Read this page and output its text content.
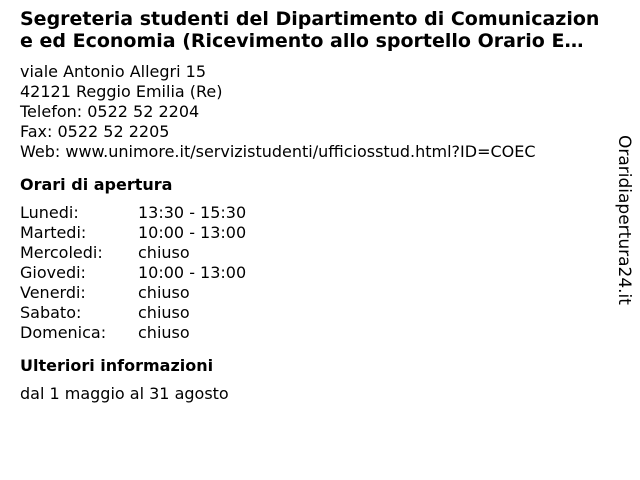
Segreteria studenti del Dipartimento di Comunicazione ed Economia (Ricevimento allo sportello Orario E…
viale Antonio Allegri 15
42121 Reggio Emilia (Re)
Telefon: 0522 52 2204
Fax: 0522 52 2205
Web: www.unimore.it/servizistudenti/ufficiosstud.html?ID=COEC
Orari di apertura
Lunedi:	13:30 - 15:30
Martedi:	10:00 - 13:00
Mercoledi:	chiuso
Giovedi:	10:00 - 13:00
Venerdi:	chiuso
Sabato:	chiuso
Domenica:	chiuso
Ulteriori informazioni
dal 1 maggio al 31 agosto
Oraridiapertura24.it
